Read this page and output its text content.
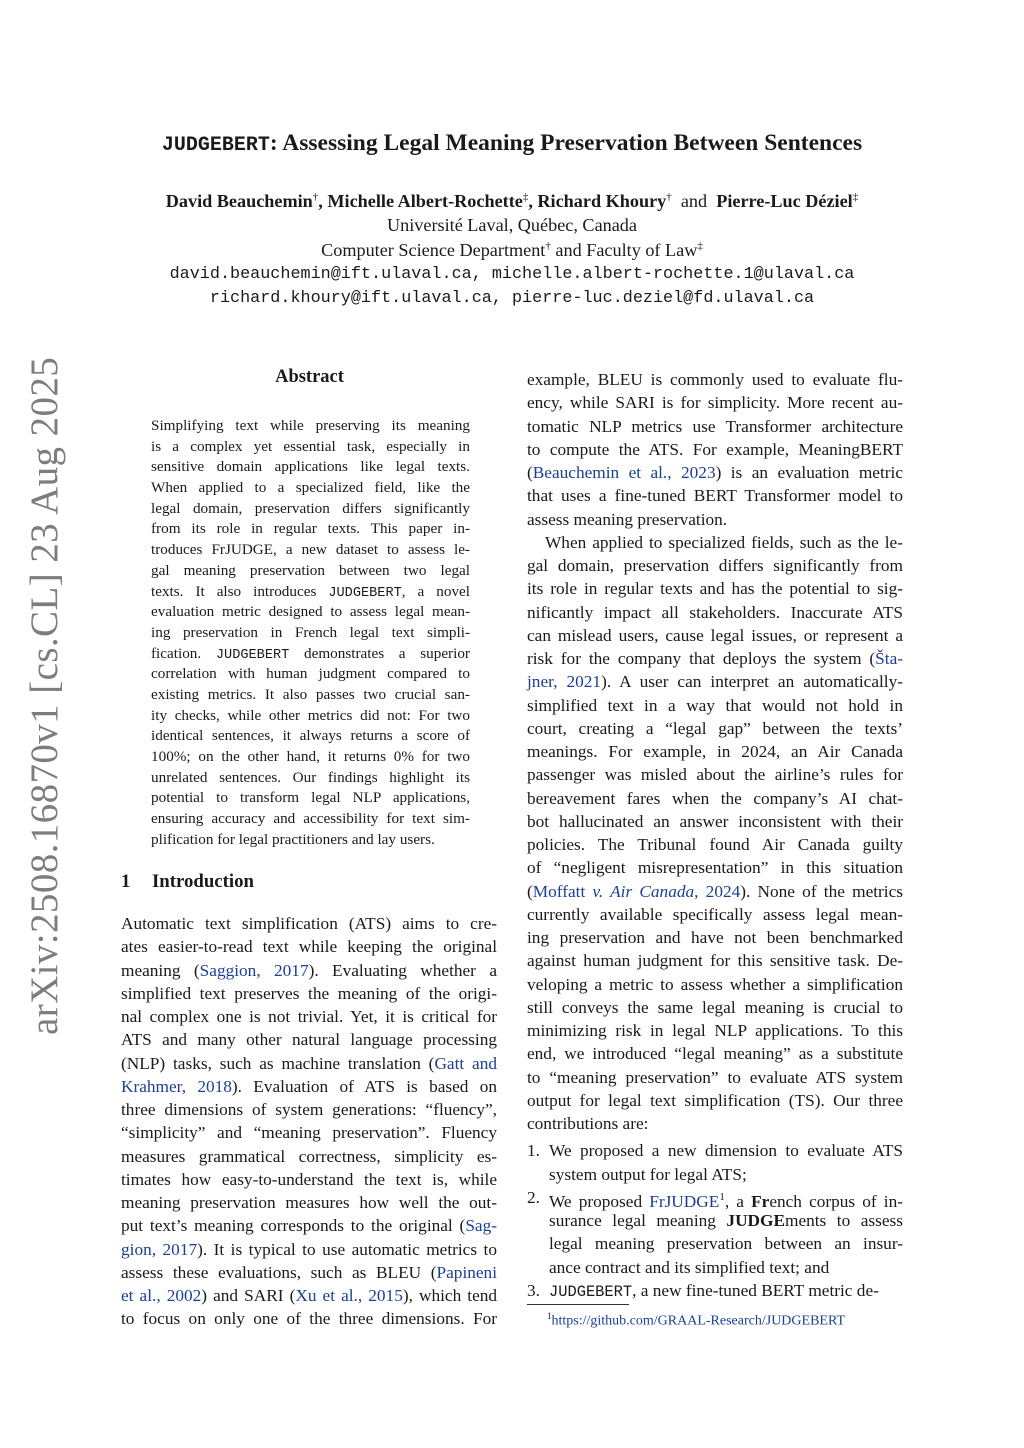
arXiv:2508.16870v1 [cs.CL] 23 Aug 2025
JUDGEBERT: Assessing Legal Meaning Preservation Between Sentences
David Beauchemin†, Michelle Albert-Rochette‡, Richard Khoury† and Pierre-Luc Déziel‡
Université Laval, Québec, Canada
Computer Science Department† and Faculty of Law‡
david.beauchemin@ift.ulaval.ca, michelle.albert-rochette.1@ulaval.ca
richard.khoury@ift.ulaval.ca, pierre-luc.deziel@fd.ulaval.ca
Abstract
Simplifying text while preserving its meaning
is a complex yet essential task, especially in
sensitive domain applications like legal texts.
When applied to a specialized field, like the
legal domain, preservation differs significantly
from its role in regular texts. This paper in-
troduces FrJUDGE, a new dataset to assess le-
gal meaning preservation between two legal
texts. It also introduces JUDGEBERT, a novel
evaluation metric designed to assess legal mean-
ing preservation in French legal text simpli-
fication. JUDGEBERT demonstrates a superior
correlation with human judgment compared to
existing metrics. It also passes two crucial san-
ity checks, while other metrics did not: For two
identical sentences, it always returns a score of
100%; on the other hand, it returns 0% for two
unrelated sentences. Our findings highlight its
potential to transform legal NLP applications,
ensuring accuracy and accessibility for text sim-
plification for legal practitioners and lay users.
1 Introduction
Automatic text simplification (ATS) aims to cre-
ates easier-to-read text while keeping the original
meaning (Saggion, 2017). Evaluating whether a
simplified text preserves the meaning of the origi-
nal complex one is not trivial. Yet, it is critical for
ATS and many other natural language processing
(NLP) tasks, such as machine translation (Gatt and
Krahmer, 2018). Evaluation of ATS is based on
three dimensions of system generations: “fluency”,
“simplicity” and “meaning preservation”. Fluency
measures grammatical correctness, simplicity es-
timates how easy-to-understand the text is, while
meaning preservation measures how well the out-
put text’s meaning corresponds to the original (Sag-
gion, 2017). It is typical to use automatic metrics to
assess these evaluations, such as BLEU (Papineni
et al., 2002) and SARI (Xu et al., 2015), which tend
to focus on only one of the three dimensions. For
example, BLEU is commonly used to evaluate flu-
ency, while SARI is for simplicity. More recent au-
tomatic NLP metrics use Transformer architecture
to compute the ATS. For example, MeaningBERT
(Beauchemin et al., 2023) is an evaluation metric
that uses a fine-tuned BERT Transformer model to
assess meaning preservation.
When applied to specialized fields, such as the le-
gal domain, preservation differs significantly from
its role in regular texts and has the potential to sig-
nificantly impact all stakeholders. Inaccurate ATS
can mislead users, cause legal issues, or represent a
risk for the company that deploys the system (Šta-
jner, 2021). A user can interpret an automatically-
simplified text in a way that would not hold in
court, creating a “legal gap” between the texts’
meanings. For example, in 2024, an Air Canada
passenger was misled about the airline’s rules for
bereavement fares when the company’s AI chat-
bot hallucinated an answer inconsistent with their
policies. The Tribunal found Air Canada guilty
of “negligent misrepresentation” in this situation
(Moffatt v. Air Canada, 2024). None of the metrics
currently available specifically assess legal mean-
ing preservation and have not been benchmarked
against human judgment for this sensitive task. De-
veloping a metric to assess whether a simplification
still conveys the same legal meaning is crucial to
minimizing risk in legal NLP applications. To this
end, we introduced “legal meaning” as a substitute
to “meaning preservation” to evaluate ATS system
output for legal text simplification (TS). Our three
contributions are:
1. We proposed a new dimension to evaluate ATS
system output for legal ATS;
2. We proposed FrJUDGE$^1$, a French corpus of in-
surance legal meaning JUDGEments to assess
legal meaning preservation between an insur-
ance contract and its simplified text; and
3. JUDGEBERT, a new fine-tuned BERT metric de-
$^1$https://github.com/GRAAL-Research/JUDGEBERT
